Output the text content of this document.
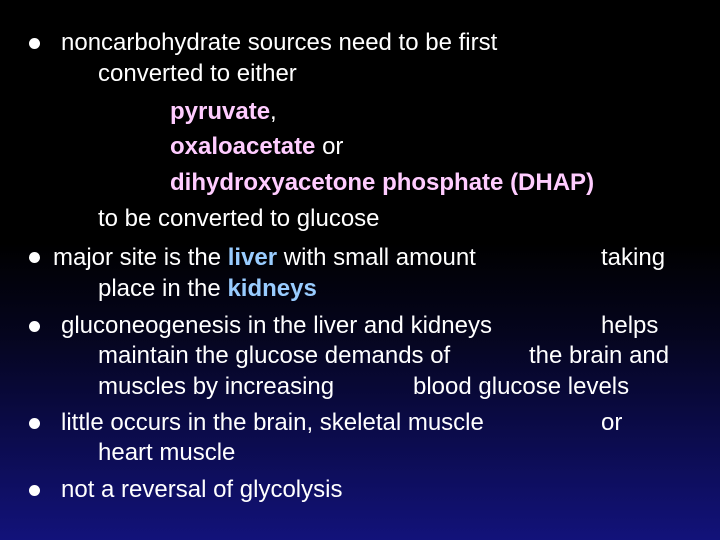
noncarbohydrate sources need to be first
converted to either
pyruvate,
oxaloacetate or
dihydroxyacetone phosphate (DHAP)
to be converted to glucose
major site is the liver with small amount	taking
place in the kidneys
gluconeogenesis in the liver and kidneys	helps
maintain the glucose demands of	the brain and
muscles by increasing	blood glucose levels
little occurs in the brain, skeletal muscle	or
heart muscle
not a reversal of glycolysis
